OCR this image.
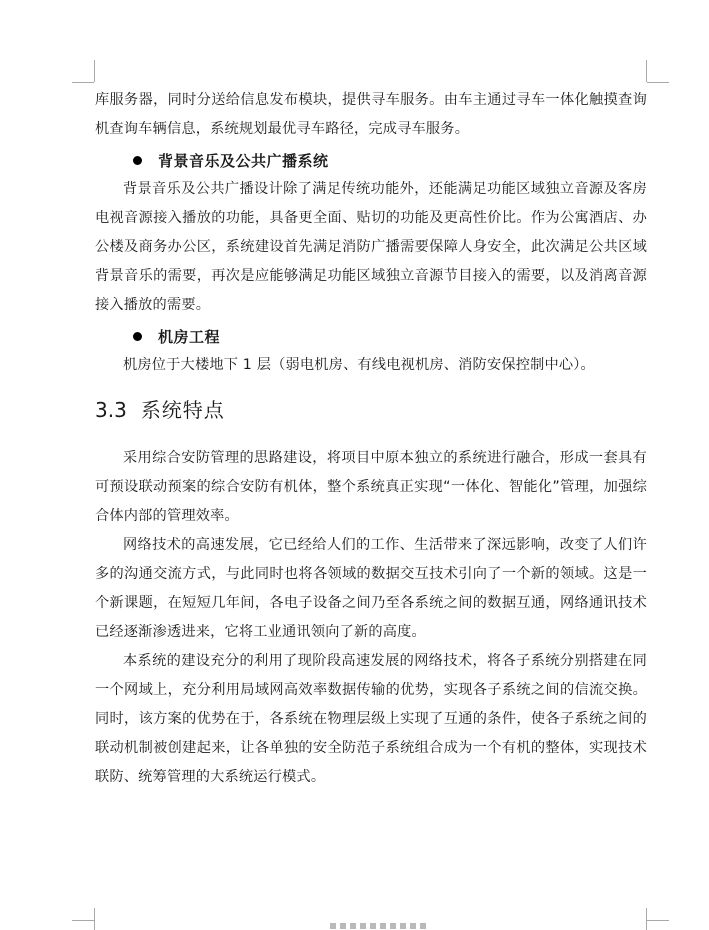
库服务器，同时分送给信息发布模块，提供寻车服务。由车主通过寻车一体化触摸查询机查询车辆信息，系统规划最优寻车路径，完成寻车服务。

背景音乐及公共广播系统

背景音乐及公共广播设计除了满足传统功能外，还能满足功能区域独立音源及客房电视音源接入播放的功能，具备更全面、贴切的功能及更高性价比。作为公寓酒店、办公楼及商务办公区，系统建设首先满足消防广播需要保障人身安全，此次满足公共区域背景音乐的需要，再次是应能够满足功能区域独立音源节目接入的需要，以及消离音源接入播放的需要。

机房工程

机房位于大楼地下 1 层（弱电机房、有线电视机房、消防安保控制中心）。

3.3 系统特点

采用综合安防管理的思路建设，将项目中原本独立的系统进行融合，形成一套具有可预设联动预案的综合安防有机体，整个系统真正实现“一体化、智能化”管理，加强综合体内部的管理效率。

网络技术的高速发展，它已经给人们的工作、生活带来了深远影响，改变了人们许多的沟通交流方式，与此同时也将各领域的数据交互技术引向了一个新的领域。这是一个新课题，在短短几年间，各电子设备之间乃至各系统之间的数据互通，网络通讯技术已经逐渐渗透进来，它将工业通讯领向了新的高度。

本系统的建设充分的利用了现阶段高速发展的网络技术，将各子系统分别搭建在同一个网域上，充分利用局域网高效率数据传输的优势，实现各子系统之间的信流交换。同时，该方案的优势在于，各系统在物理层级上实现了互通的条件，使各子系统之间的联动机制被创建起来，让各单独的安全防范子系统组合成为一个有机的整体，实现技术联防、统筹管理的大系统运行模式。
